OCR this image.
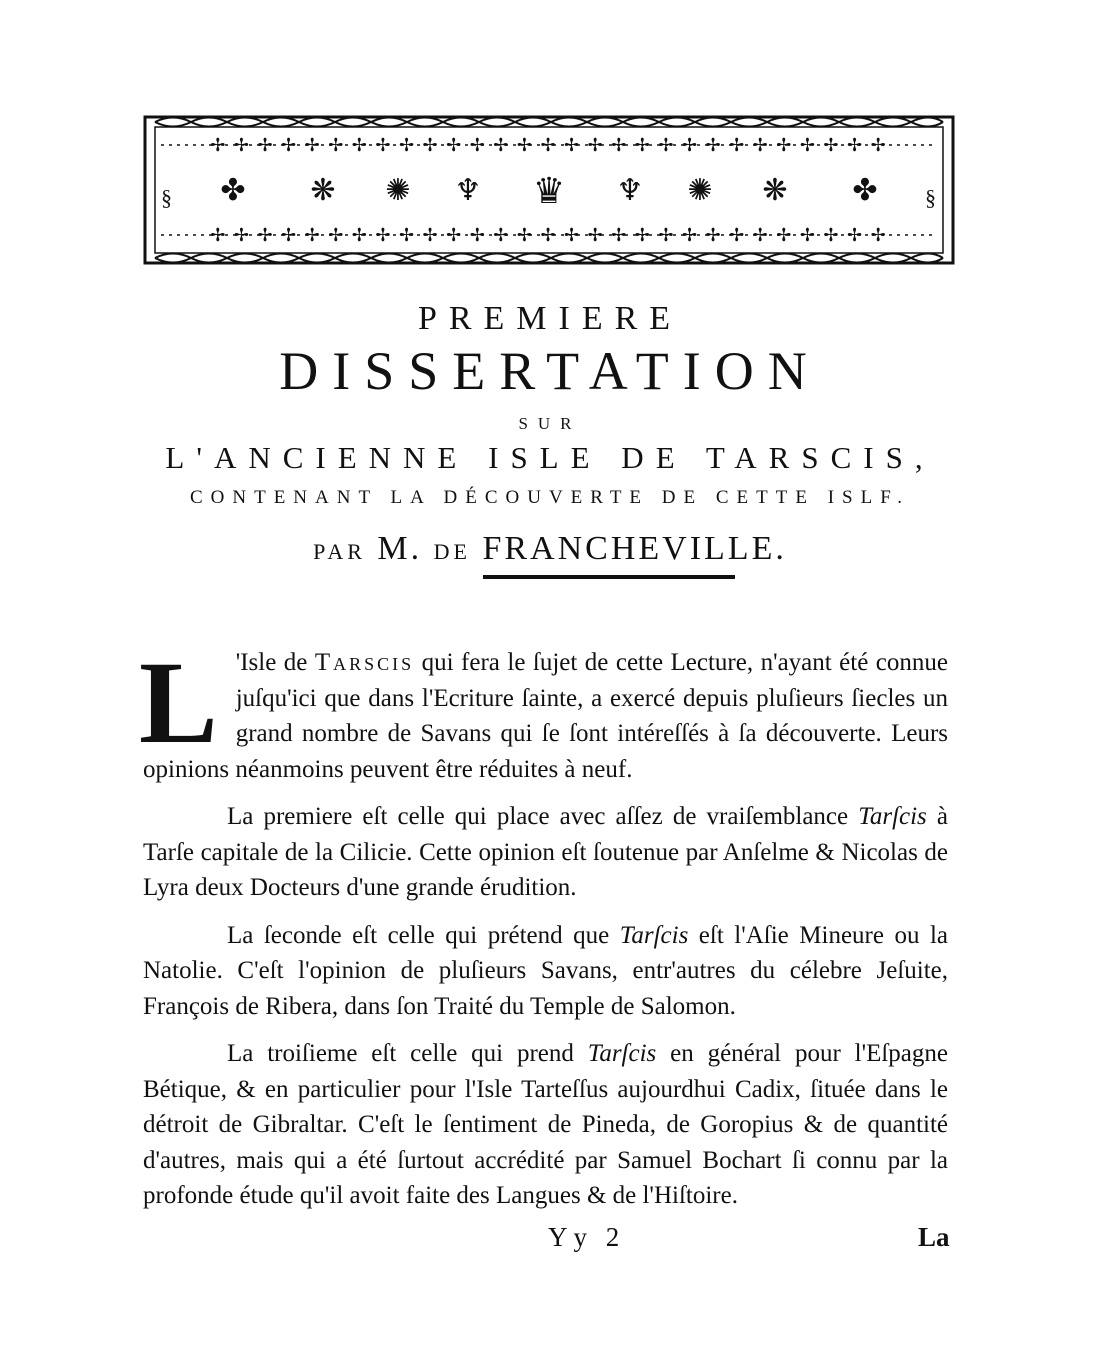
✢ ✢ ✢ ✢ ✢ ✢ ✢ ✢ ✢ ✢ ✢ ✢ ✢ ✢ ✢ ✢ ✢ ✢ ✢ ✢ ✢ ✢ ✢ ✢ ✢ ✢ ✢ ✢ ✢
✢ ✢ ✢ ✢ ✢ ✢ ✢ ✢ ✢ ✢ ✢ ✢ ✢ ✢ ✢ ✢ ✢ ✢ ✢ ✢ ✢ ✢ ✢ ✢ ✢ ✢ ✢ ✢ ✢
✤ ❋ ✺ ♆ ♛ ♆ ✺ ❋ ✤
§	§
PREMIERE
DISSERTATION
SUR
L'ANCIENNE ISLE DE TARSCIS,
CONTENANT LA DÉCOUVERTE DE CETTE ISLF.
PAR M. DE FRANCHEVILLE.

L 'Isle de Tarscis qui fera le ſujet de cette Lecture, n'ayant été connue juſqu'ici que dans l'Ecriture ſainte, a exercé depuis pluſieurs ſiecles un grand nombre de Savans qui ſe ſont intéreſſés à ſa découverte. Leurs opinions néanmoins peuvent être réduites à neuf.

La premiere eſt celle qui place avec aſſez de vraiſemblance Tarſcis à Tarſe capitale de la Cilicie. Cette opinion eſt ſoutenue par Anſelme & Nicolas de Lyra deux Docteurs d'une grande érudition.

La ſeconde eſt celle qui prétend que Tarſcis eſt l'Aſie Mineure ou la Natolie. C'eſt l'opinion de pluſieurs Savans, entr'autres du célebre Jeſuite, François de Ribera, dans ſon Traité du Temple de Salomon.

La troiſieme eſt celle qui prend Tarſcis en général pour l'Eſpagne Bétique, & en particulier pour l'Isle Tarteſſus aujourdhui Cadix, ſituée dans le détroit de Gibraltar. C'eſt le ſentiment de Pineda, de Goropius & de quantité d'autres, mais qui a été ſurtout accrédité par Samuel Bochart ſi connu par la profonde étude qu'il avoit faite des Langues & de l'Hiſtoire.

Yy 2	La
